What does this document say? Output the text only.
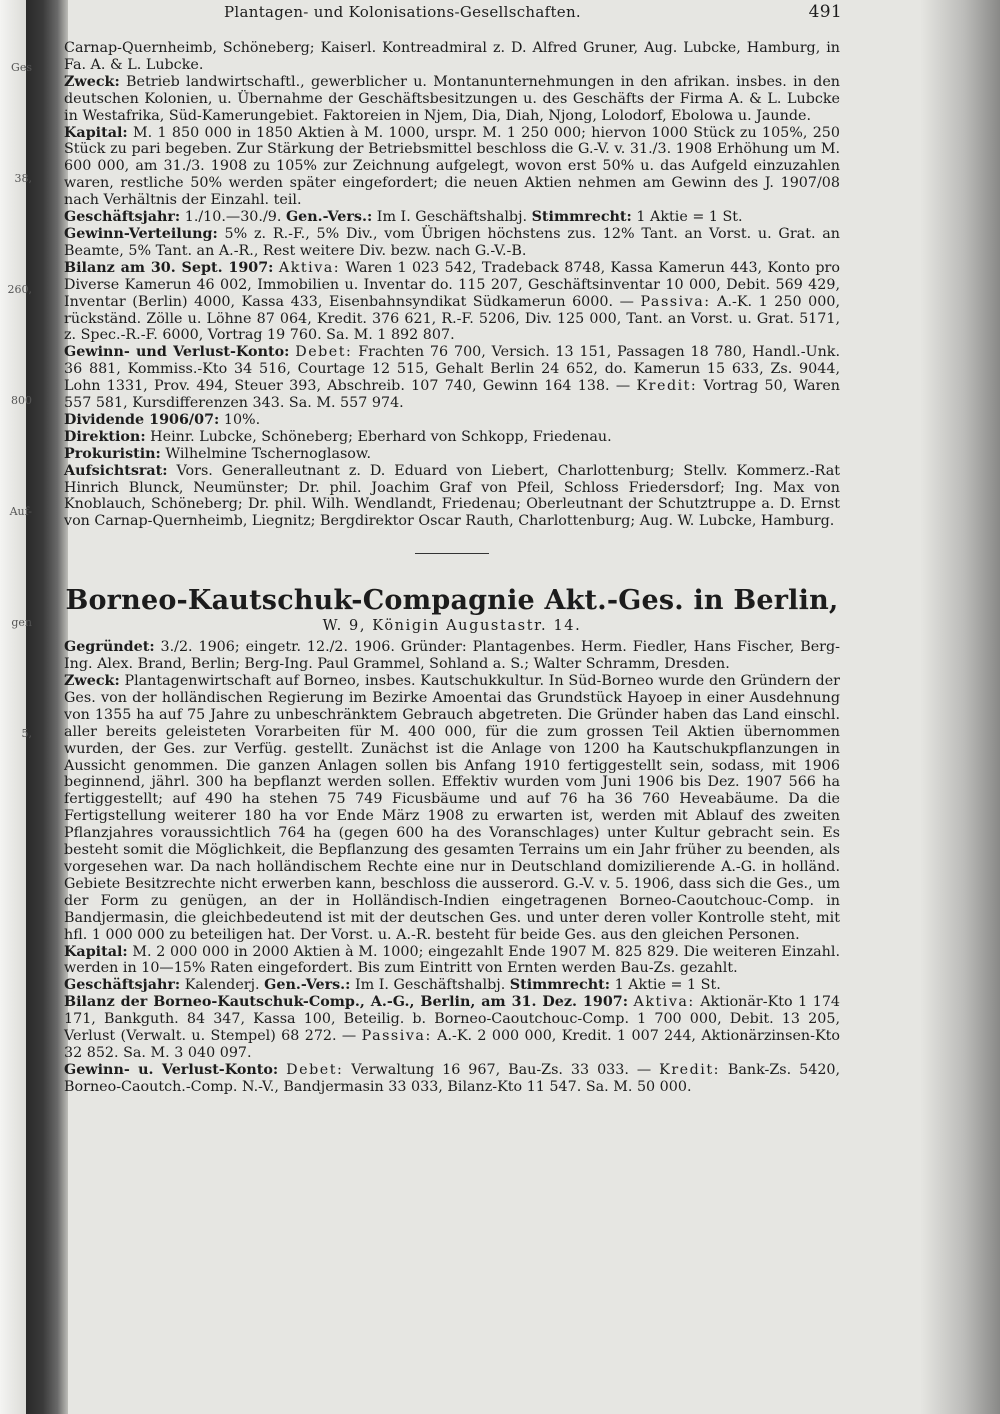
Ges
38,
260,
800
Auf-
gen
5,
Plantagen- und Kolonisations-Gesellschaften.	491

Carnap-Quernheimb, Schöneberg; Kaiserl. Kontreadmiral z. D. Alfred Gruner, Aug. Lubcke, Hamburg, in Fa. A. & L. Lubcke.

Zweck: Betrieb landwirtschaftl., gewerblicher u. Montanunternehmungen in den afrikan. insbes. in den deutschen Kolonien, u. Übernahme der Geschäftsbesitzungen u. des Geschäfts der Firma A. & L. Lubcke in Westafrika, Süd-Kamerungebiet. Faktoreien in Njem, Dia, Diah, Njong, Lolodorf, Ebolowa u. Jaunde.

Kapital: M. 1 850 000 in 1850 Aktien à M. 1000, urspr. M. 1 250 000; hiervon 1000 Stück zu 105%, 250 Stück zu pari begeben. Zur Stärkung der Betriebsmittel beschloss die G.-V. v. 31./3. 1908 Erhöhung um M. 600 000, am 31./3. 1908 zu 105% zur Zeichnung aufgelegt, wovon erst 50% u. das Aufgeld einzuzahlen waren, restliche 50% werden später eingefordert; die neuen Aktien nehmen am Gewinn des J. 1907/08 nach Verhältnis der Einzahl. teil.

Geschäftsjahr: 1./10.—30./9. Gen.-Vers.: Im I. Geschäftshalbj. Stimmrecht: 1 Aktie = 1 St.

Gewinn-Verteilung: 5% z. R.-F., 5% Div., vom Übrigen höchstens zus. 12% Tant. an Vorst. u. Grat. an Beamte, 5% Tant. an A.-R., Rest weitere Div. bezw. nach G.-V.-B.

Bilanz am 30. Sept. 1907: Aktiva: Waren 1 023 542, Tradeback 8748, Kassa Kamerun 443, Konto pro Diverse Kamerun 46 002, Immobilien u. Inventar do. 115 207, Geschäftsinventar 10 000, Debit. 569 429, Inventar (Berlin) 4000, Kassa 433, Eisenbahnsyndikat Südkamerun 6000. — Passiva: A.-K. 1 250 000, rückständ. Zölle u. Löhne 87 064, Kredit. 376 621, R.-F. 5206, Div. 125 000, Tant. an Vorst. u. Grat. 5171, z. Spec.-R.-F. 6000, Vortrag 19 760. Sa. M. 1 892 807.

Gewinn- und Verlust-Konto: Debet: Frachten 76 700, Versich. 13 151, Passagen 18 780, Handl.-Unk. 36 881, Kommiss.-Kto 34 516, Courtage 12 515, Gehalt Berlin 24 652, do. Kamerun 15 633, Zs. 9044, Lohn 1331, Prov. 494, Steuer 393, Abschreib. 107 740, Gewinn 164 138. — Kredit: Vortrag 50, Waren 557 581, Kursdifferenzen 343. Sa. M. 557 974.

Dividende 1906/07: 10%.

Direktion: Heinr. Lubcke, Schöneberg; Eberhard von Schkopp, Friedenau.

Prokuristin: Wilhelmine Tschernoglasow.

Aufsichtsrat: Vors. Generalleutnant z. D. Eduard von Liebert, Charlottenburg; Stellv. Kommerz.-Rat Hinrich Blunck, Neumünster; Dr. phil. Joachim Graf von Pfeil, Schloss Friedersdorf; Ing. Max von Knoblauch, Schöneberg; Dr. phil. Wilh. Wendlandt, Friedenau; Oberleutnant der Schutztruppe a. D. Ernst von Carnap-Quernheimb, Liegnitz; Bergdirektor Oscar Rauth, Charlottenburg; Aug. W. Lubcke, Hamburg.

Borneo-Kautschuk-Compagnie Akt.-Ges. in Berlin,
W. 9, Königin Augustastr. 14.

Gegründet: 3./2. 1906; eingetr. 12./2. 1906. Gründer: Plantagenbes. Herm. Fiedler, Hans Fischer, Berg-Ing. Alex. Brand, Berlin; Berg-Ing. Paul Grammel, Sohland a. S.; Walter Schramm, Dresden.

Zweck: Plantagenwirtschaft auf Borneo, insbes. Kautschukkultur. In Süd-Borneo wurde den Gründern der Ges. von der holländischen Regierung im Bezirke Amoentai das Grundstück Hayoep in einer Ausdehnung von 1355 ha auf 75 Jahre zu unbeschränktem Gebrauch abgetreten. Die Gründer haben das Land einschl. aller bereits geleisteten Vorarbeiten für M. 400 000, für die zum grossen Teil Aktien übernommen wurden, der Ges. zur Verfüg. gestellt. Zunächst ist die Anlage von 1200 ha Kautschukpflanzungen in Aussicht genommen. Die ganzen Anlagen sollen bis Anfang 1910 fertiggestellt sein, sodass, mit 1906 beginnend, jährl. 300 ha bepflanzt werden sollen. Effektiv wurden vom Juni 1906 bis Dez. 1907 566 ha fertiggestellt; auf 490 ha stehen 75 749 Ficusbäume und auf 76 ha 36 760 Heveabäume. Da die Fertigstellung weiterer 180 ha vor Ende März 1908 zu erwarten ist, werden mit Ablauf des zweiten Pflanzjahres voraussichtlich 764 ha (gegen 600 ha des Voranschlages) unter Kultur gebracht sein. Es besteht somit die Möglichkeit, die Bepflanzung des gesamten Terrains um ein Jahr früher zu beenden, als vorgesehen war. Da nach holländischem Rechte eine nur in Deutschland domizilierende A.-G. in holländ. Gebiete Besitzrechte nicht erwerben kann, beschloss die ausserord. G.-V. v. 5. 1906, dass sich die Ges., um der Form zu genügen, an der in Holländisch-Indien eingetragenen Borneo-Caoutchouc-Comp. in Bandjermasin, die gleichbedeutend ist mit der deutschen Ges. und unter deren voller Kontrolle steht, mit hfl. 1 000 000 zu beteiligen hat. Der Vorst. u. A.-R. besteht für beide Ges. aus den gleichen Personen.

Kapital: M. 2 000 000 in 2000 Aktien à M. 1000; eingezahlt Ende 1907 M. 825 829. Die weiteren Einzahl. werden in 10—15% Raten eingefordert. Bis zum Eintritt von Ernten werden Bau-Zs. gezahlt.

Geschäftsjahr: Kalenderj. Gen.-Vers.: Im I. Geschäftshalbj. Stimmrecht: 1 Aktie = 1 St.

Bilanz der Borneo-Kautschuk-Comp., A.-G., Berlin, am 31. Dez. 1907: Aktiva: Aktionär-Kto 1 174 171, Bankguth. 84 347, Kassa 100, Beteilig. b. Borneo-Caoutchouc-Comp. 1 700 000, Debit. 13 205, Verlust (Verwalt. u. Stempel) 68 272. — Passiva: A.-K. 2 000 000, Kredit. 1 007 244, Aktionärzinsen-Kto 32 852. Sa. M. 3 040 097.

Gewinn- u. Verlust-Konto: Debet: Verwaltung 16 967, Bau-Zs. 33 033. — Kredit: Bank-Zs. 5420, Borneo-Caoutch.-Comp. N.-V., Bandjermasin 33 033, Bilanz-Kto 11 547. Sa. M. 50 000.
